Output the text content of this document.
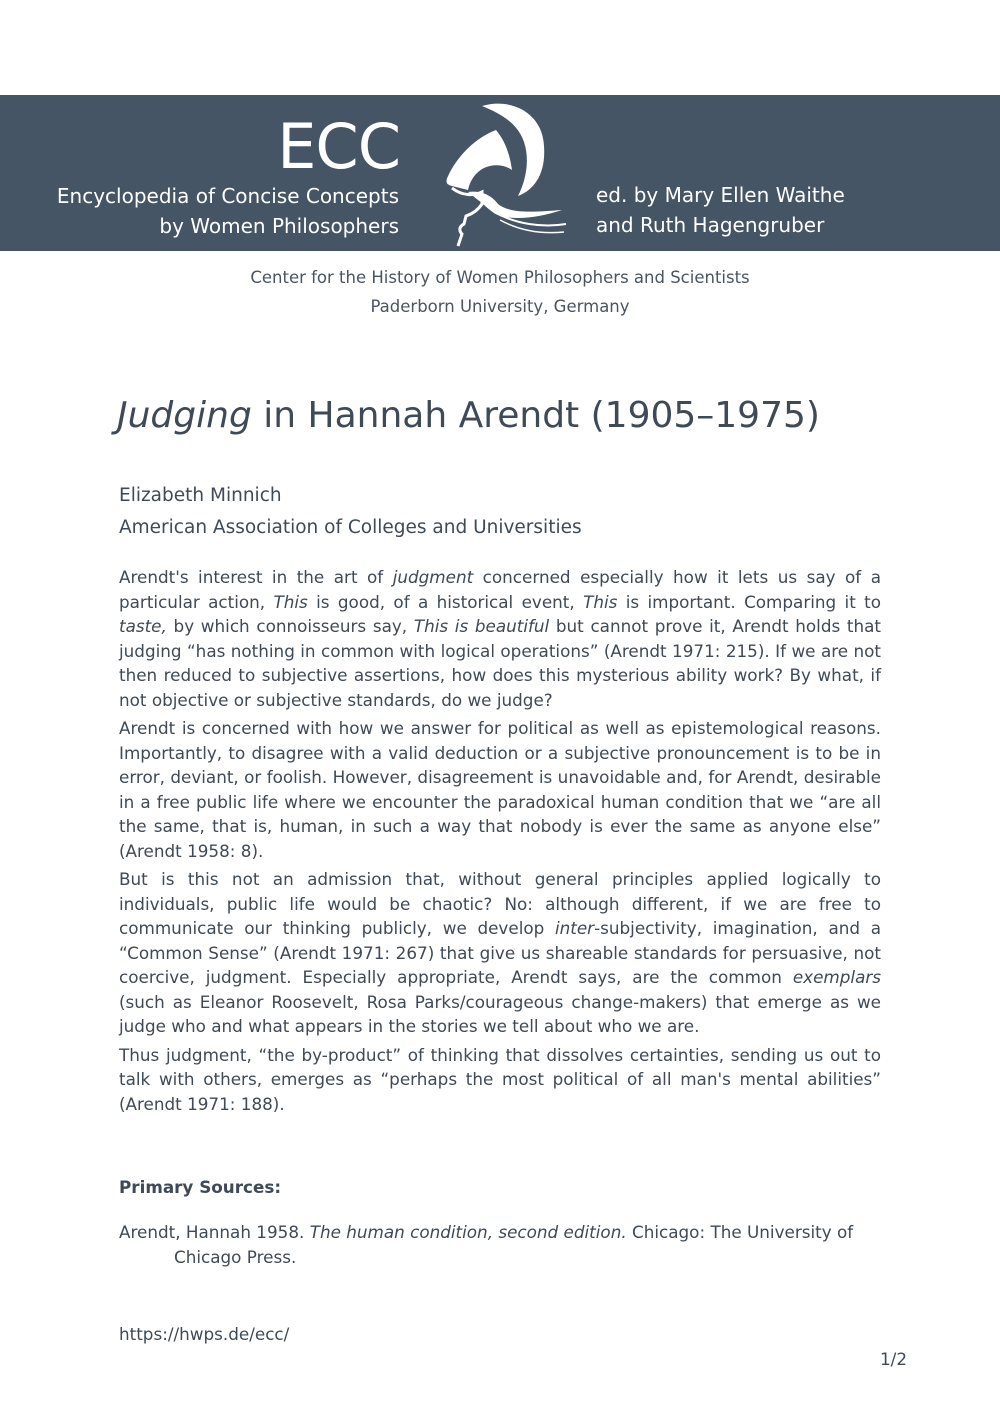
ECC
Encyclopedia of Concise Concepts
by Women Philosophers
ed. by Mary Ellen Waithe
and Ruth Hagengruber
Center for the History of Women Philosophers and Scientists
Paderborn University, Germany
Judging in Hannah Arendt (1905–1975)
Elizabeth Minnich
American Association of Colleges and Universities

Arendt's interest in the art of judgment concerned especially how it lets us say of a particular action, This is good, of a historical event, This is important. Comparing it to taste, by which connoisseurs say, This is beautiful but cannot prove it, Arendt holds that judging “has nothing in common with logical operations” (Arendt 1971: 215). If we are not then reduced to subjective assertions, how does this mysterious ability work? By what, if not objective or subjective standards, do we judge?

Arendt is concerned with how we answer for political as well as epistemological reasons. Importantly, to disagree with a valid deduction or a subjective pronouncement is to be in error, deviant, or foolish. However, disagreement is unavoidable and, for Arendt, desirable in a free public life where we encounter the paradoxical human condition that we “are all the same, that is, human, in such a way that nobody is ever the same as anyone else” (Arendt 1958: 8).

But is this not an admission that, without general principles applied logically to individuals, public life would be chaotic? No: although different, if we are free to communicate our thinking publicly, we develop inter-subjectivity, imagination, and a “Common Sense” (Arendt 1971: 267) that give us shareable standards for persuasive, not coercive, judgment. Especially appropriate, Arendt says, are the common exemplars (such as Eleanor Roosevelt, Rosa Parks/courageous change-makers) that emerge as we judge who and what appears in the stories we tell about who we are.

Thus judgment, “the by-product” of thinking that dissolves certainties, sending us out to talk with others, emerges as “perhaps the most political of all man's mental abilities” (Arendt 1971: 188).

Primary Sources:
Arendt, Hannah 1958. The human condition, second edition. Chicago: The University of
Chicago Press.
https://hwps.de/ecc/
1/2
